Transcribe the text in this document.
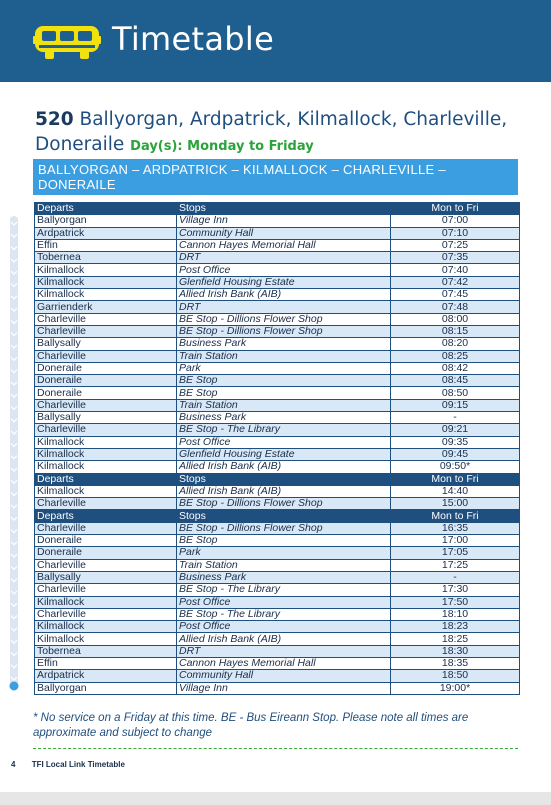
Timetable
520 Ballyorgan, Ardpatrick, Kilmallock, Charleville, Doneraile Day(s): Monday to Friday
BALLYORGAN – ARDPATRICK – KILMALLOCK – CHARLEVILLE – DONERAILE
Departs	Stops	Mon to Fri
Ballyorgan	Village Inn	07:00
Ardpatrick	Community Hall	07:10
Effin	Cannon Hayes Memorial Hall	07:25
Tobernea	DRT	07:35
Kilmallock	Post Office	07:40
Kilmallock	Glenfield Housing Estate	07:42
Kilmallock	Allied Irish Bank (AIB)	07:45
Garrienderk	DRT	07:48
Charleville	BE Stop - Dillions Flower Shop	08:00
Charleville	BE Stop - Dillions Flower Shop	08:15
Ballysally	Business Park	08:20
Charleville	Train Station	08:25
Doneraile	Park	08:42
Doneraile	BE Stop	08:45
Doneraile	BE Stop	08:50
Charleville	Train Station	09:15
Ballysally	Business Park	-
Charleville	BE Stop - The Library	09:21
Kilmallock	Post Office	09:35
Kilmallock	Glenfield Housing Estate	09:45
Kilmallock	Allied Irish Bank (AIB)	09:50*
Departs	Stops	Mon to Fri
Kilmallock	Allied Irish Bank (AIB)	14:40
Charleville	BE Stop - Dillions Flower Shop	15:00
Departs	Stops	Mon to Fri
Charleville	BE Stop - Dillions Flower Shop	16:35
Doneraile	BE Stop	17:00
Doneraile	Park	17:05
Charleville	Train Station	17:25
Ballysally	Business Park	-
Charleville	BE Stop - The Library	17:30
Kilmallock	Post Office	17:50
Charleville	BE Stop - The Library	18:10
Kilmallock	Post Office	18:23
Kilmallock	Allied Irish Bank (AIB)	18:25
Tobernea	DRT	18:30
Effin	Cannon Hayes Memorial Hall	18:35
Ardpatrick	Community Hall	18:50
Ballyorgan	Village Inn	19:00*
* No service on a Friday at this time. BE - Bus Eireann Stop. Please note all times are approximate and subject to change
4 TFI Local Link Timetable
